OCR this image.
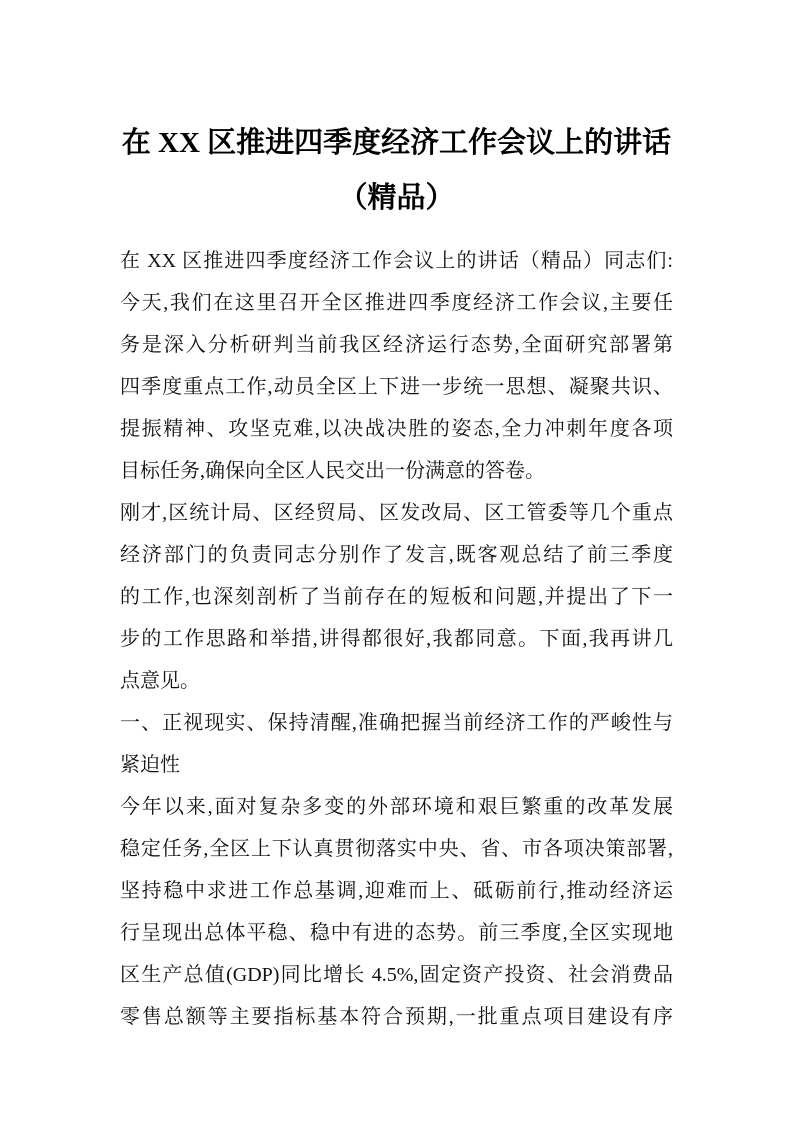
在 XX 区推进四季度经济工作会议上的讲话
（精品）
在 XX 区推进四季度经济工作会议上的讲话（精品）同志们:
今天,我们在这里召开全区推进四季度经济工作会议,主要任
务是深入分析研判当前我区经济运行态势,全面研究部署第
四季度重点工作,动员全区上下进一步统一思想、凝聚共识、
提振精神、攻坚克难,以决战决胜的姿态,全力冲刺年度各项
目标任务,确保向全区人民交出一份满意的答卷。
刚才,区统计局、区经贸局、区发改局、区工管委等几个重点
经济部门的负责同志分别作了发言,既客观总结了前三季度
的工作,也深刻剖析了当前存在的短板和问题,并提出了下一
步的工作思路和举措,讲得都很好,我都同意。下面,我再讲几
点意见。
一、正视现实、保持清醒,准确把握当前经济工作的严峻性与
紧迫性
今年以来,面对复杂多变的外部环境和艰巨繁重的改革发展
稳定任务,全区上下认真贯彻落实中央、省、市各项决策部署,
坚持稳中求进工作总基调,迎难而上、砥砺前行,推动经济运
行呈现出总体平稳、稳中有进的态势。前三季度,全区实现地
区生产总值(GDP)同比增长 4.5%,固定资产投资、社会消费品
零售总额等主要指标基本符合预期,一批重点项目建设有序
